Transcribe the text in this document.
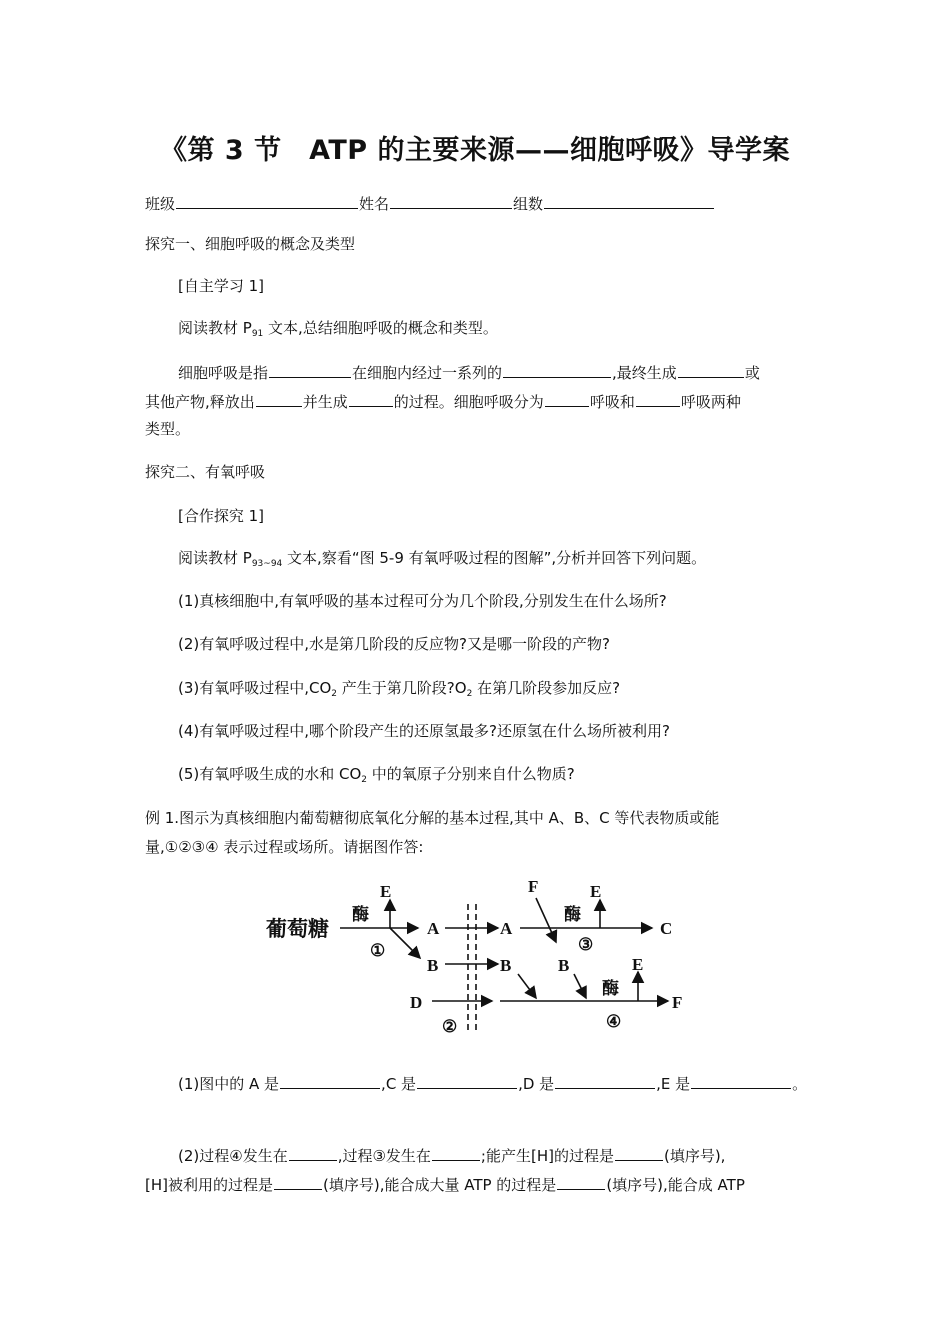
《第 3 节　ATP 的主要来源——细胞呼吸》导学案
班级	姓名	组数
探究一、细胞呼吸的概念及类型
[自主学习 1]
阅读教材 $P_{91}$ 文本,总结细胞呼吸的概念和类型。
细胞呼吸是指	在细胞内经过一系列的	,最终生成	或
其他产物,释放出	并生成	的过程。细胞呼吸分为	呼吸和	呼吸两种
类型。
探究二、有氧呼吸
[合作探究 1]
阅读教材 $P_{93\sim 94}$ 文本,察看“图 5-9 有氧呼吸过程的图解”,分析并回答下列问题。
(1)真核细胞中,有氧呼吸的基本过程可分为几个阶段,分别发生在什么场所?
(2)有氧呼吸过程中,水是第几阶段的反应物?又是哪一阶段的产物?
(3)有氧呼吸过程中$,CO_2$ 产生于第几阶段$?O_2$ 在第几阶段参加反应?
(4)有氧呼吸过程中,哪个阶段产生的还原氢最多?还原氢在什么场所被利用?
(5)有氧呼吸生成的水和 $CO_2$ 中的氧原子分别来自什么物质?
例 1.图示为真核细胞内葡萄糖彻底氧化分解的基本过程,其中 A、B、C 等代表物质或能
量,①②③④ 表示过程或场所。请据图作答:
葡萄糖
酶
E
①
A
B
D
②
A
B
F
酶
E
③
C
B
酶
E
④
F
(1)图中的 A 是	,C 是	,D 是	,E 是	。
(2)过程④发生在	,过程③发生在	;能产生[H]的过程是	(填序号),
[H]被利用的过程是	(填序号),能合成大量 ATP 的过程是	(填序号),能合成 ATP
